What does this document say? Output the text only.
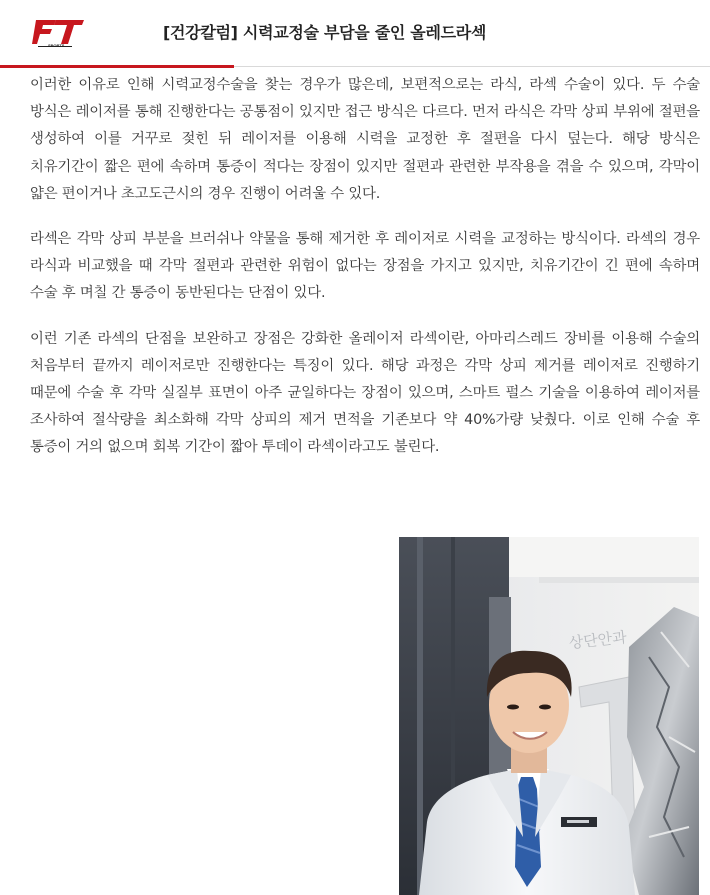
SPORTS
[건강칼럼] 시력교정술 부담을 줄인 올레드라섹

이러한 이유로 인해 시력교정수술을 찾는 경우가 많은데, 보편적으로는 라식, 라섹 수술이 있다. 두 수술 방식은 레이저를 통해 진행한다는 공통점이 있지만 접근 방식은 다르다. 먼저 라식은 각막 상피 부위에 절편을 생성하여 이를 거꾸로 젖힌 뒤 레이저를 이용해 시력을 교정한 후 절편을 다시 덮는다. 해당 방식은 치유기간이 짧은 편에 속하며 통증이 적다는 장점이 있지만 절편과 관련한 부작용을 겪을 수 있으며, 각막이 얇은 편이거나 초고도근시의 경우 진행이 어려울 수 있다.

라섹은 각막 상피 부분을 브러쉬나 약물을 통해 제거한 후 레이저로 시력을 교정하는 방식이다. 라섹의 경우 라식과 비교했을 때 각막 절편과 관련한 위험이 없다는 장점을 가지고 있지만, 치유기간이 긴 편에 속하며 수술 후 며칠 간 통증이 동반된다는 단점이 있다.

이런 기존 라섹의 단점을 보완하고 장점은 강화한 올레이저 라섹이란, 아마리스레드 장비를 이용해 수술의 처음부터 끝까지 레이저로만 진행한다는 특징이 있다. 해당 과정은 각막 상피 제거를 레이저로 진행하기 때문에 수술 후 각막 실질부 표면이 아주 균일하다는 장점이 있으며, 스마트 펄스 기술을 이용하여 레이저를 조사하여 절삭량을 최소화해 각막 상피의 제거 면적을 기존보다 약 40%가량 낮췄다. 이로 인해 수술 후 통증이 거의 없으며 회복 기간이 짧아 투데이 라섹이라고도 불린다.

상단안과
